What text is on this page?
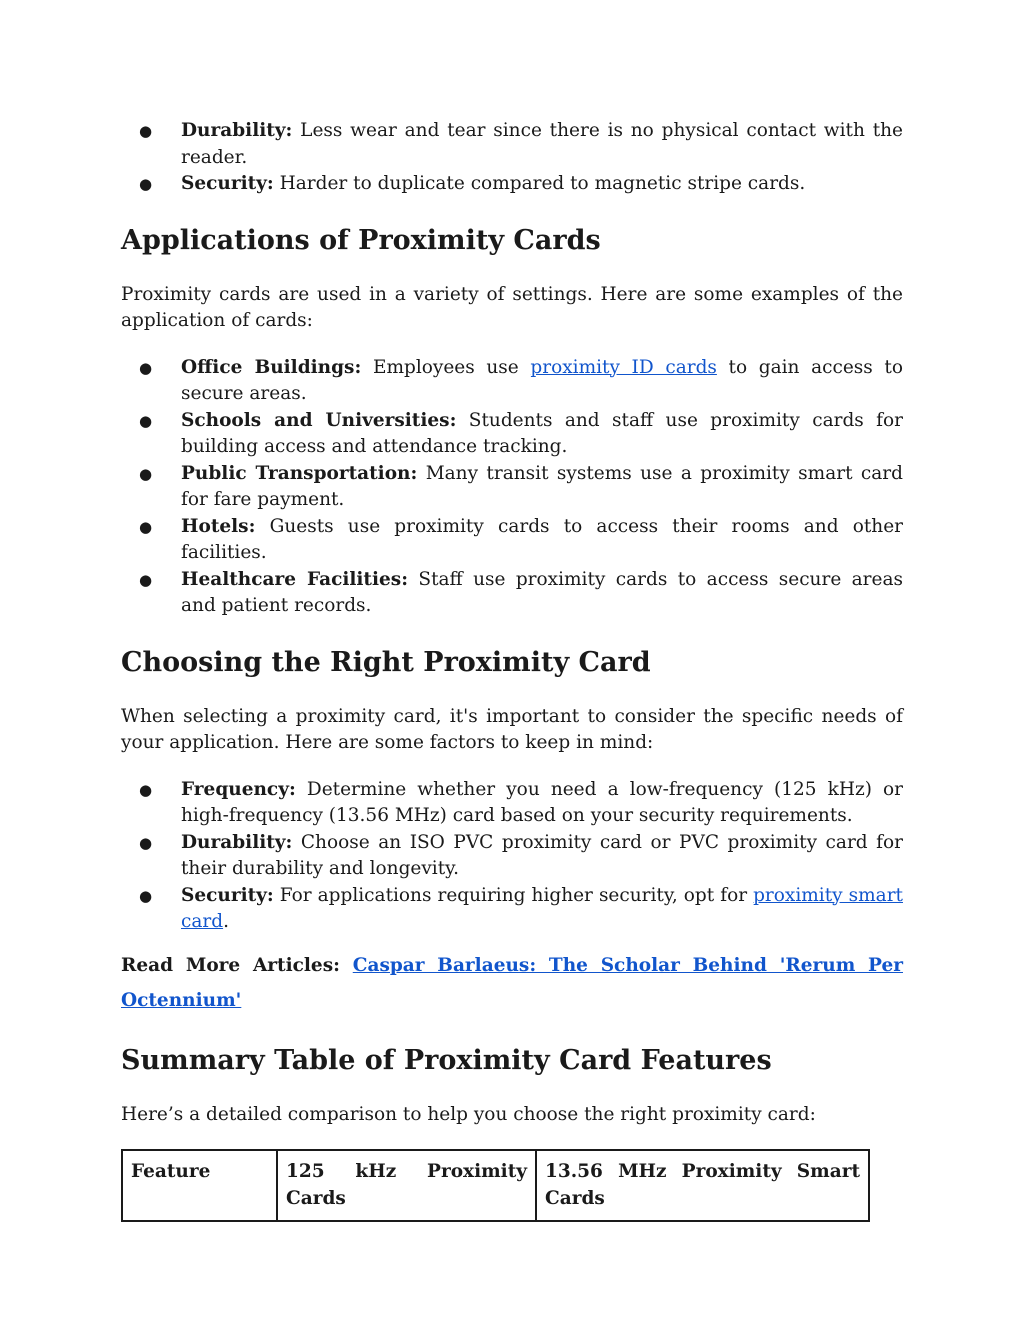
● Durability: Less wear and tear since there is no physical contact with the reader.
● Security: Harder to duplicate compared to magnetic stripe cards.
Applications of Proximity Cards

Proximity cards are used in a variety of settings. Here are some examples of the application of cards:

● Office Buildings: Employees use proximity ID cards to gain access to secure areas.
● Schools and Universities: Students and staff use proximity cards for building access and attendance tracking.
● Public Transportation: Many transit systems use a proximity smart card for fare payment.
● Hotels: Guests use proximity cards to access their rooms and other facilities.
● Healthcare Facilities: Staff use proximity cards to access secure areas and patient records.
Choosing the Right Proximity Card

When selecting a proximity card, it's important to consider the specific needs of your application. Here are some factors to keep in mind:

● Frequency: Determine whether you need a low-frequency (125 kHz) or high-frequency (13.56 MHz) card based on your security requirements.
● Durability: Choose an ISO PVC proximity card or PVC proximity card for their durability and longevity.
● Security: For applications requiring higher security, opt for proximity smart card.

Read More Articles: Caspar Barlaeus: The Scholar Behind 'Rerum Per Octennium'

Summary Table of Proximity Card Features

Here’s a detailed comparison to help you choose the right proximity card:

Feature	125 kHz Proximity Cards	13.56 MHz Proximity Smart Cards
